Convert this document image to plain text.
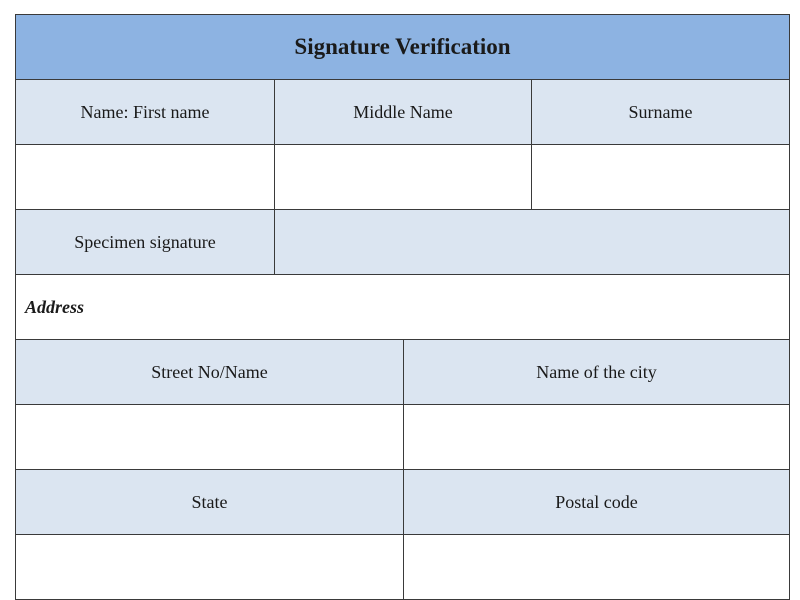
Signature Verification
Name: First name	Middle Name	Surname
Specimen signature
Address
Street No/Name	Name of the city
State	Postal code
